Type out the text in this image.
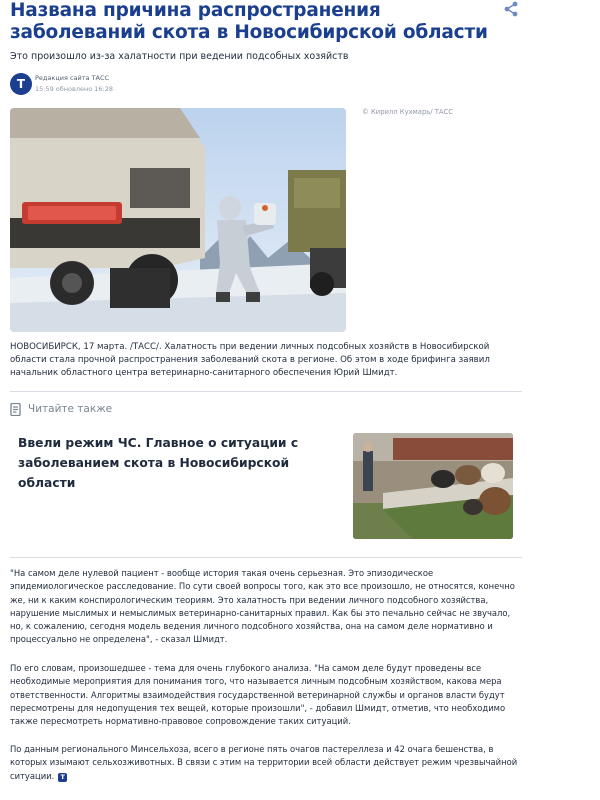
Названа причина распространения заболеваний скота в Новосибирской области

Это произошло из-за халатности при ведении подсобных хозяйств

Т	Редакция сайта ТАСС
15:59 обновлено 16:28
© Кирилл Кухмарь/ ТАСС

НОВОСИБИРСК, 17 марта. /ТАСС/. Халатность при ведении личных подсобных хозяйств в Новосибирской области стала прочной распространения заболеваний скота в регионе. Об этом в ходе брифинга заявил начальник областного центра ветеринарно-санитарного обеспечения Юрий Шмидт.

Читайте также
Ввели режим ЧС. Главное о ситуации с заболеванием скота в Новосибирской области

"На самом деле нулевой пациент - вообще история такая очень серьезная. Это эпизодическое эпидемиологическое расследование. По сути своей вопросы того, как это все произошло, не относятся, конечно же, ни к каким конспирологическим теориям. Это халатность при ведении личного подсобного хозяйства, нарушение мыслимых и немыслимых ветеринарно-санитарных правил. Как бы это печально сейчас не звучало, но, к сожалению, сегодня модель ведения личного подсобного хозяйства, она на самом деле нормативно и процессуально не определена", - сказал Шмидт.

По его словам, произошедшее - тема для очень глубокого анализа. "На самом деле будут проведены все необходимые мероприятия для понимания того, что называется личным подсобным хозяйством, какова мера ответственности. Алгоритмы взаимодействия государственной ветеринарной службы и органов власти будут пересмотрены для недопущения тех вещей, которые произошли", - добавил Шмидт, отметив, что необходимо также пересмотреть нормативно-правовое сопровождение таких ситуаций.

По данным регионального Минсельхоза, всего в регионе пять очагов пастереллеза и 42 очага бешенства, в которых изымают сельхозживотных. В связи с этим на территории всей области действует режим чрезвычайной ситуации. T
